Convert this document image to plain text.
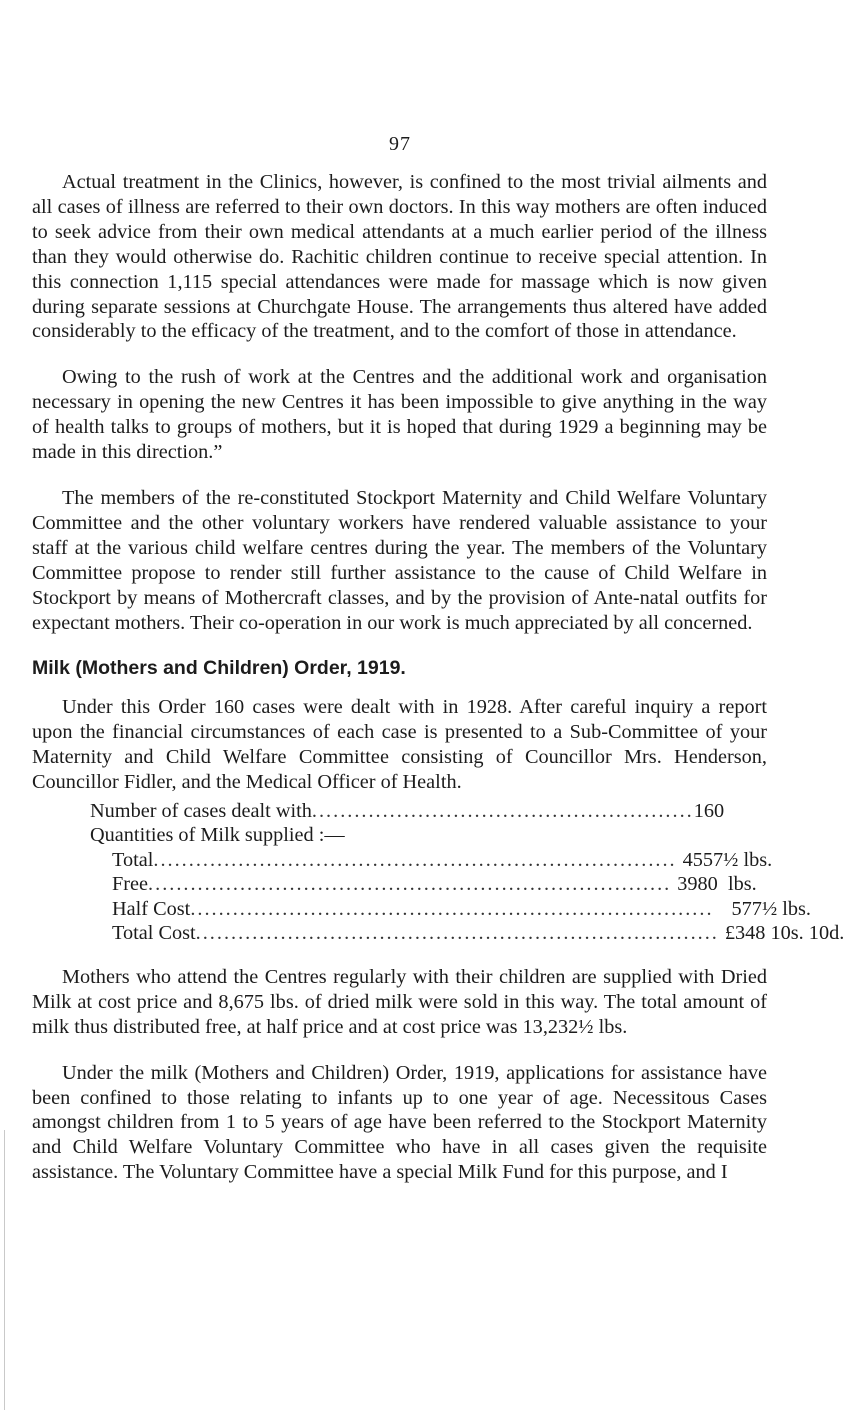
97

Actual treatment in the Clinics, however, is confined to the most trivial ailments and all cases of illness are referred to their own doctors. In this way mothers are often induced to seek advice from their own medical attendants at a much earlier period of the illness than they would otherwise do. Rachitic children continue to receive special attention. In this connection 1,115 special attendances were made for massage which is now given during separate sessions at Churchgate House. The arrangements thus altered have added considerably to the efficacy of the treatment, and to the comfort of those in attendance.

Owing to the rush of work at the Centres and the additional work and organisation necessary in opening the new Centres it has been impossible to give anything in the way of health talks to groups of mothers, but it is hoped that during 1929 a beginning may be made in this direction.”

The members of the re-constituted Stockport Maternity and Child Welfare Voluntary Committee and the other voluntary workers have rendered valuable assistance to your staff at the various child welfare centres during the year. The members of the Voluntary Committee propose to render still further assistance to the cause of Child Welfare in Stockport by means of Mothercraft classes, and by the provision of Ante-natal outfits for expectant mothers. Their co-operation in our work is much appreciated by all concerned.

Milk (Mothers and Children) Order, 1919.

Under this Order 160 cases were dealt with in 1928. After careful inquiry a report upon the financial circumstances of each case is presented to a Sub-Committee of your Maternity and Child Welfare Committee consisting of Councillor Mrs. Henderson, Councillor Fidler, and the Medical Officer of Health.

Number of cases dealt with ...................................................... 160
Quantities of Milk supplied :—
Total .......................................................................... 4557½ lbs.
Free .......................................................................... 3980  lbs.
Half Cost .......................................................................... 577½ lbs.
Total Cost .......................................................................... £348 10s. 10d.

Mothers who attend the Centres regularly with their children are supplied with Dried Milk at cost price and 8,675 lbs. of dried milk were sold in this way. The total amount of milk thus distributed free, at half price and at cost price was 13,232½ lbs.

Under the milk (Mothers and Children) Order, 1919, applications for assistance have been confined to those relating to infants up to one year of age. Necessitous Cases amongst children from 1 to 5 years of age have been referred to the Stockport Maternity and Child Welfare Voluntary Committee who have in all cases given the requisite assistance. The Voluntary Committee have a special Milk Fund for this purpose, and I
